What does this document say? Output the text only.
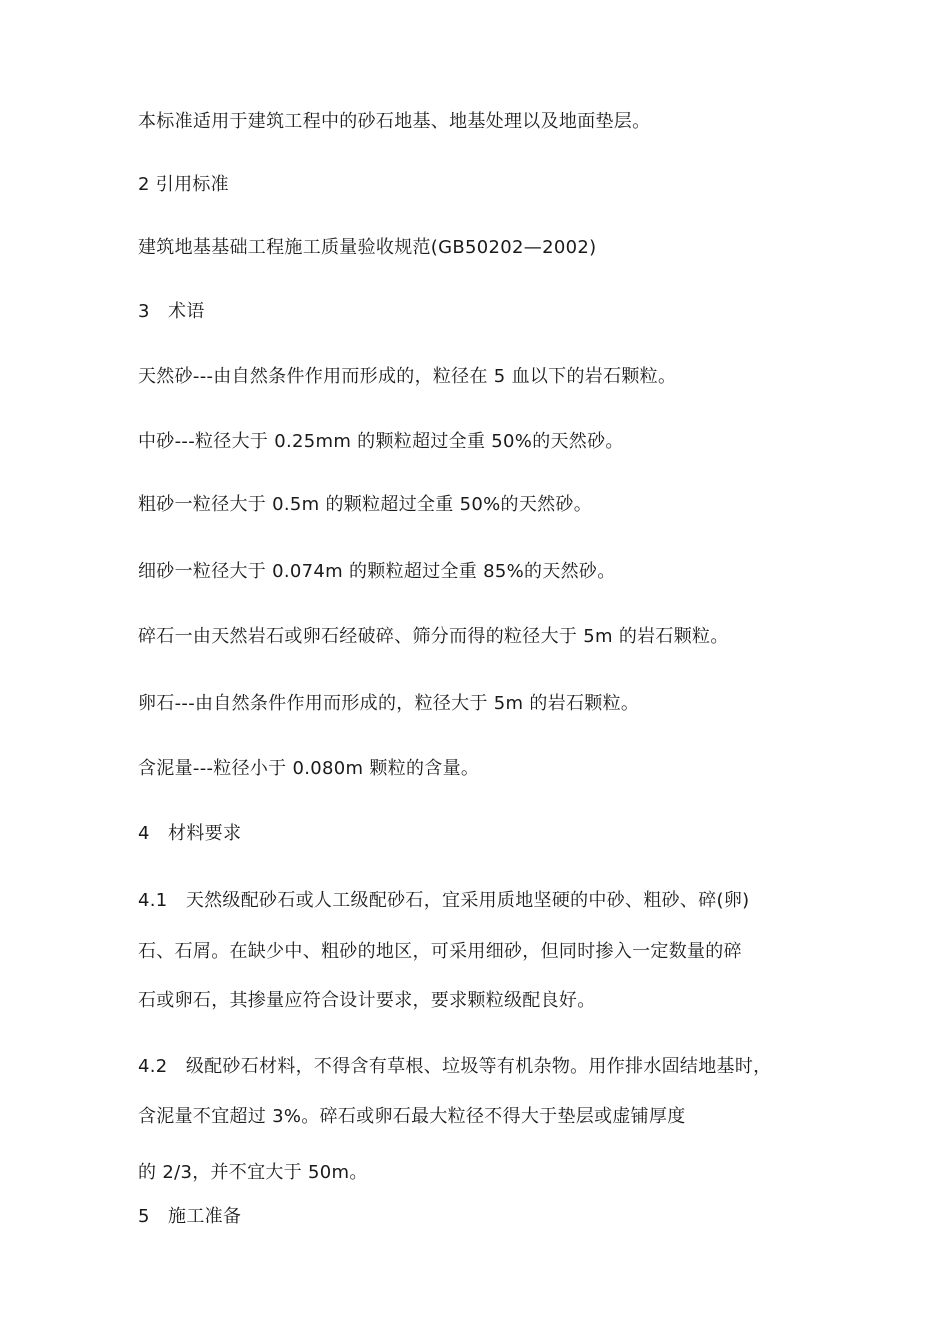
本标准适用于建筑工程中的砂石地基、地基处理以及地面垫层。
2 引用标准
建筑地基基础工程施工质量验收规范(GB50202—2002)
3　术语
天然砂---由自然条件作用而形成的，粒径在 5 血以下的岩石颗粒。
中砂---粒径大于 0.25mm 的颗粒超过全重 50%的天然砂。
粗砂一粒径大于 0.5m 的颗粒超过全重 50%的天然砂。
细砂一粒径大于 0.074m 的颗粒超过全重 85%的天然砂。
碎石一由天然岩石或卵石经破碎、筛分而得的粒径大于 5m 的岩石颗粒。
卵石---由自然条件作用而形成的，粒径大于 5m 的岩石颗粒。
含泥量---粒径小于 0.080m 颗粒的含量。
4　材料要求
4.1　天然级配砂石或人工级配砂石，宜采用质地坚硬的中砂、粗砂、碎(卵)
石、石屑。在缺少中、粗砂的地区，可采用细砂，但同时掺入一定数量的碎
石或卵石，其掺量应符合设计要求，要求颗粒级配良好。
4.2　级配砂石材料，不得含有草根、垃圾等有机杂物。用作排水固结地基时，
含泥量不宜超过 3%。碎石或卵石最大粒径不得大于垫层或虚铺厚度
的 2/3，并不宜大于 50m。
5　施工准备
